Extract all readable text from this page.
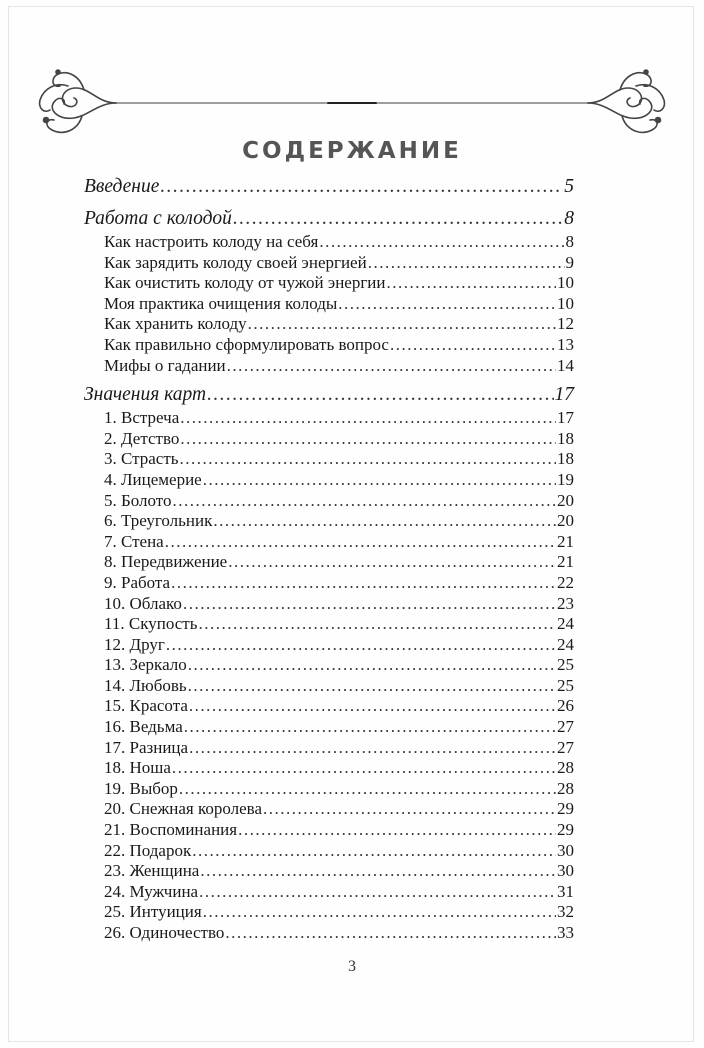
СОДЕРЖАНИЕ
Введение .....	5
Работа с колодой .....	8
Как настроить колоду на себя .....	8
Как зарядить колоду своей энергией .....	9
Как очистить колоду от чужой энергии .....	10
Моя практика очищения колоды .....	10
Как хранить колоду .....	12
Как правильно сформулировать вопрос .....	13
Мифы о гадании .....	14
Значения карт .....	17
1. Встреча .....	17
2. Детство .....	18
3. Страсть .....	18
4. Лицемерие .....	19
5. Болото .....	20
6. Треугольник .....	20
7. Стена .....	21
8. Передвижение .....	21
9. Работа .....	22
10. Облако .....	23
11. Скупость .....	24
12. Друг .....	24
13. Зеркало .....	25
14. Любовь .....	25
15. Красота .....	26
16. Ведьма .....	27
17. Разница .....	27
18. Ноша .....	28
19. Выбор .....	28
20. Снежная королева .....	29
21. Воспоминания .....	29
22. Подарок .....	30
23. Женщина .....	30
24. Мужчина .....	31
25. Интуиция .....	32
26. Одиночество .....	33
3
